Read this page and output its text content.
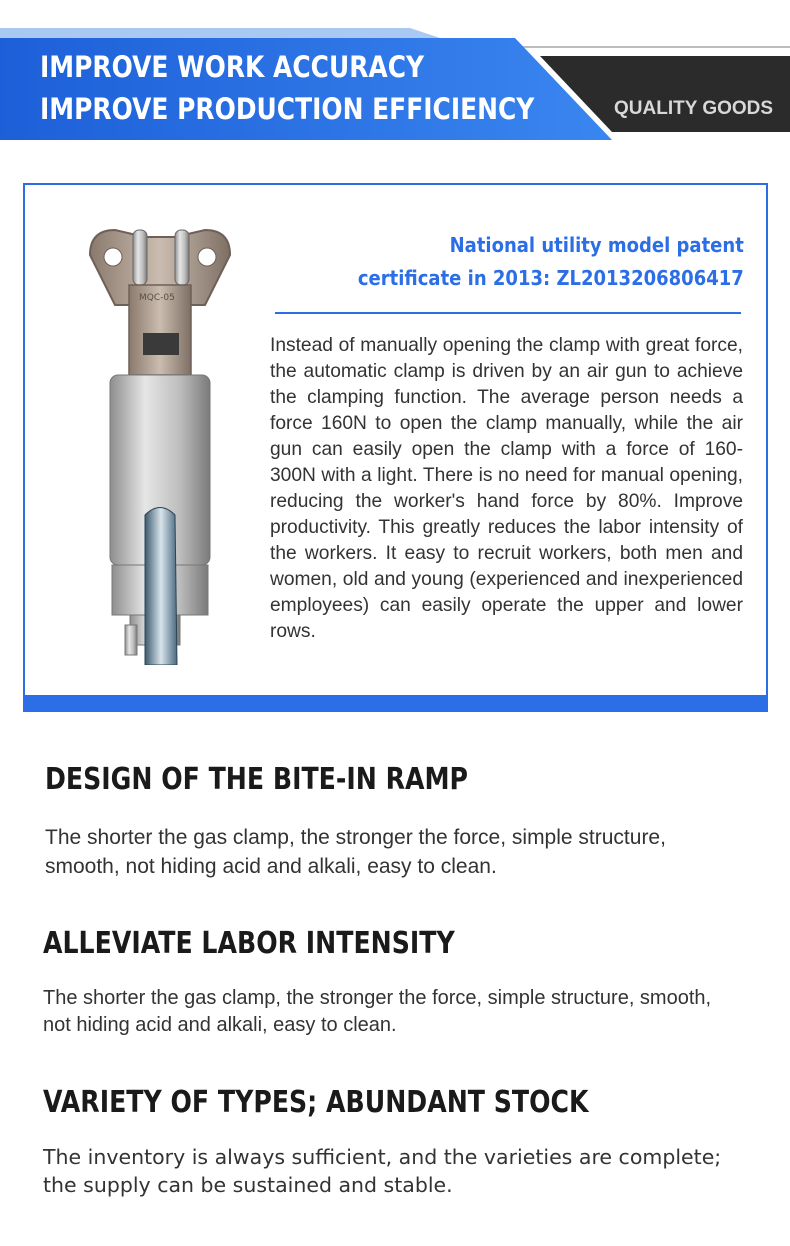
IMPROVE WORK ACCURACY
IMPROVE PRODUCTION EFFICIENCY	QUALITY GOODS
MQC-05
National utility model patent
certificate in 2013: ZL2013206806417

Instead of manually opening the clamp with great force, the automatic clamp is driven by an air gun to achieve the clamping function. The average person needs a force 160N to open the clamp manually, while the air gun can easily open the clamp with a force of 160-300N with a light. There is no need for manual opening, reducing the worker's hand force by 80%. Improve productivity. This greatly reduces the labor intensity of the workers. It easy to recruit workers, both men and women, old and young (experienced and inexperienced employees) can easily operate the upper and lower rows.

DESIGN OF THE BITE-IN RAMP

The shorter the gas clamp, the stronger the force, simple structure, smooth, not hiding acid and alkali, easy to clean.

ALLEVIATE LABOR INTENSITY

The shorter the gas clamp, the stronger the force, simple structure, smooth, not hiding acid and alkali, easy to clean.

VARIETY OF TYPES; ABUNDANT STOCK

The inventory is always sufficient, and the varieties are complete; the supply can be sustained and stable.
